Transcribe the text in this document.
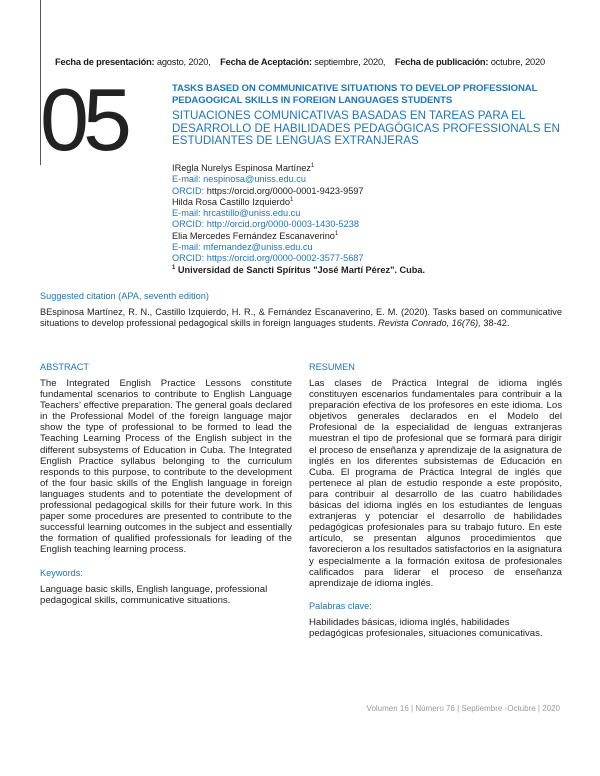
Fecha de presentación: agosto, 2020, Fecha de Aceptación: septiembre, 2020, Fecha de publicación: octubre, 2020
05	TASKS BASED ON COMMUNICATIVE SITUATIONS TO DEVELOP PROFESSIONAL PEDAGOGICAL SKILLS IN FOREIGN LANGUAGES STUDENTS
SITUACIONES COMUNICATIVAS BASADAS EN TAREAS PARA EL DESARROLLO DE HABILIDADES PEDAGÓGICAS PROFESSIONALS EN ESTUDIANTES DE LENGUAS EXTRANJERAS
IRegla Nurelys Espinosa Martínez$^1$
E-mail: nespinosa@uniss.edu.cu
ORCID: https://orcid.org/0000-0001-9423-9597
Hilda Rosa Castillo Izquierdo$^1$
E-mail: hrcastillo@uniss.edu.cu
ORCID: http://orcid.org/0000-0003-1430-5238
Elia Mercedes Fernández Escanaverino$^1$
E-mail: mfernandez@uniss.edu.cu
ORCID: https://orcid.org/0000-0002-3577-5687
$^1$ Universidad de Sancti Spíritus "José Martí Pérez". Cuba.
Suggested citation (APA, seventh edition)
BEspinosa Martínez, R. N., Castillo Izquierdo, H. R., & Fernández Escanaverino, E. M. (2020). Tasks based on communicative situations to develop professional pedagogical skills in foreign languages students. Revista Conrado, 16(76), 38-42.
ABSTRACT

The Integrated English Practice Lessons constitute fundamental scenarios to contribute to English Language Teachers’ effective preparation. The general goals declared in the Professional Model of the foreign language major show the type of professional to be formed to lead the Teaching Learning Process of the English subject in the different subsystems of Education in Cuba. The Integrated English Practice syllabus belonging to the curriculum responds to this purpose, to contribute to the development of the four basic skills of the English language in foreign languages students and to potentiate the development of professional pedagogical skills for their future work. In this paper some procedures are presented to contribute to the successful learning outcomes in the subject and essentially the formation of qualified professionals for leading of the English teaching learning process.

Keywords:
Language basic skills, English language, professional pedagogical skills, communicative situations.
RESUMEN

Las clases de Práctica Integral de idioma inglés constituyen escenarios fundamentales para contribuir a la preparación efectiva de los profesores en este idioma. Los objetivos generales declarados en el Modelo del Profesional de la especialidad de lenguas extranjeras muestran el tipo de profesional que se formará para dirigir el proceso de enseñanza y aprendizaje de la asignatura de inglés en los diferentes subsistemas de Educación en Cuba. El programa de Práctica Integral de inglés que pertenece al plan de estudio responde a este propósito, para contribuir al desarrollo de las cuatro habilidades básicas del idioma inglés en los estudiantes de lenguas extranjeras y potenciar el desarrollo de habilidades pedagógicas profesionales para su trabajo futuro. En este artículo, se presentan algunos procedimientos que favorecieron a los resultados satisfactorios en la asignatura y especialmente a la formación exitosa de profesionales calificados para liderar el proceso de enseñanza aprendizaje de idioma inglés.

Palabras clave:
Habilidades básicas, idioma inglés, habilidades pedagógicas profesionales, situaciones comunicativas.
Volumen 16 | Número 76 | Septiembre -Octubre | 2020
